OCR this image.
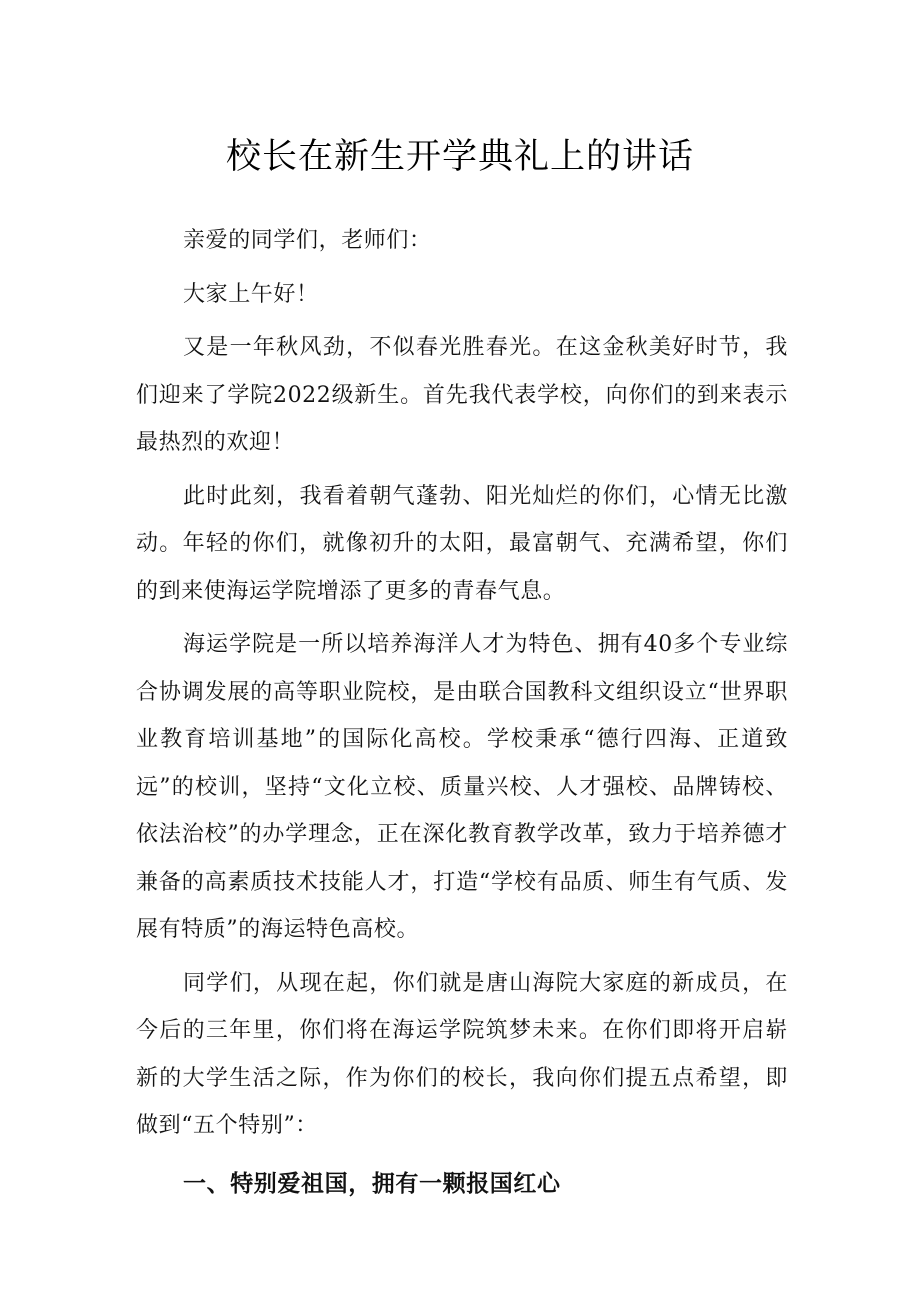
校长在新生开学典礼上的讲话

亲爱的同学们，老师们：

大家上午好！

又是一年秋风劲，不似春光胜春光。在这金秋美好时节，我们迎来了学院2022级新生。首先我代表学校，向你们的到来表示最热烈的欢迎！

此时此刻，我看着朝气蓬勃、阳光灿烂的你们，心情无比激动。年轻的你们，就像初升的太阳，最富朝气、充满希望，你们的到来使海运学院增添了更多的青春气息。

海运学院是一所以培养海洋人才为特色、拥有40多个专业综合协调发展的高等职业院校，是由联合国教科文组织设立“世界职业教育培训基地”的国际化高校。学校秉承“德行四海、正道致远”的校训，坚持“文化立校、质量兴校、人才强校、品牌铸校、依法治校”的办学理念，正在深化教育教学改革，致力于培养德才兼备的高素质技术技能人才，打造“学校有品质、师生有气质、发展有特质”的海运特色高校。

同学们，从现在起，你们就是唐山海院大家庭的新成员，在今后的三年里，你们将在海运学院筑梦未来。在你们即将开启崭新的大学生活之际，作为你们的校长，我向你们提五点希望，即做到“五个特别”：

一、特别爱祖国，拥有一颗报国红心
